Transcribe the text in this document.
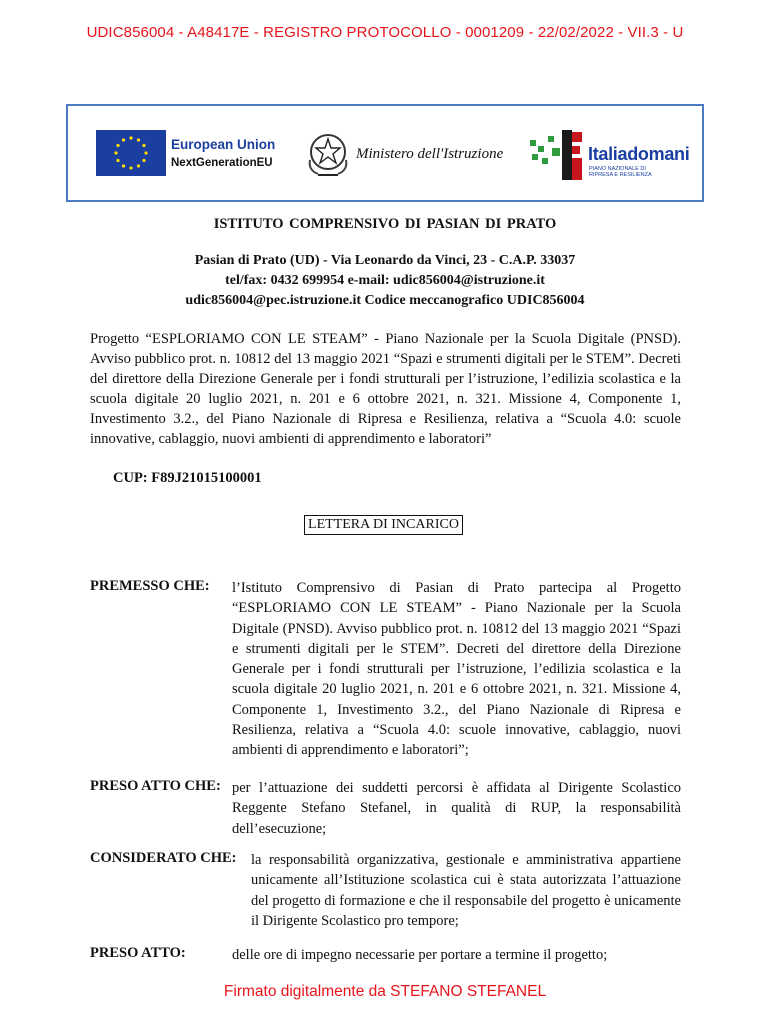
UDIC856004 - A48417E - REGISTRO PROTOCOLLO - 0001209 - 22/02/2022 - VII.3 - U
European Union
NextGenerationEU
Ministero dell'Istruzione	Italiadomani
PIANO NAZIONALE DI RIPRESA E RESILIENZA
ISTITUTO COMPRENSIVO DI PASIAN DI PRATO
Pasian di Prato (UD) - Via Leonardo da Vinci, 23 - C.A.P. 33037
tel/fax: 0432 699954 e-mail: udic856004@istruzione.it
udic856004@pec.istruzione.it Codice meccanografico UDIC856004
Progetto “ESPLORIAMO CON LE STEAM” - Piano Nazionale per la Scuola Digitale (PNSD). Avviso pubblico prot. n. 10812 del 13 maggio 2021 “Spazi e strumenti digitali per le STEM”. Decreti del direttore della Direzione Generale per i fondi strutturali per l’istruzione, l’edilizia scolastica e la scuola digitale 20 luglio 2021, n. 201 e 6 ottobre 2021, n. 321. Missione 4, Componente 1, Investimento 3.2., del Piano Nazionale di Ripresa e Resilienza, relativa a “Scuola 4.0: scuole innovative, cablaggio, nuovi ambienti di apprendimento e laboratori”
CUP: F89J21015100001
LETTERA DI INCARICO
PREMESSO CHE: l’Istituto Comprensivo di Pasian di Prato partecipa al Progetto “ESPLORIAMO CON LE STEAM” - Piano Nazionale per la Scuola Digitale (PNSD). Avviso pubblico prot. n. 10812 del 13 maggio 2021 “Spazi e strumenti digitali per le STEM”. Decreti del direttore della Direzione Generale per i fondi strutturali per l’istruzione, l’edilizia scolastica e la scuola digitale 20 luglio 2021, n. 201 e 6 ottobre 2021, n. 321. Missione 4, Componente 1, Investimento 3.2., del Piano Nazionale di Ripresa e Resilienza, relativa a “Scuola 4.0: scuole innovative, cablaggio, nuovi ambienti di apprendimento e laboratori”;
PRESO ATTO CHE: per l’attuazione dei suddetti percorsi è affidata al Dirigente Scolastico Reggente Stefano Stefanel, in qualità di RUP, la responsabilità dell’esecuzione;
CONSIDERATO CHE: la responsabilità organizzativa, gestionale e amministrativa appartiene unicamente all’Istituzione scolastica cui è stata autorizzata l’attuazione del progetto di formazione e che il responsabile del progetto è unicamente il Dirigente Scolastico pro tempore;
PRESO ATTO:	delle ore di impegno necessarie per portare a termine il progetto;
Firmato digitalmente da STEFANO STEFANEL
